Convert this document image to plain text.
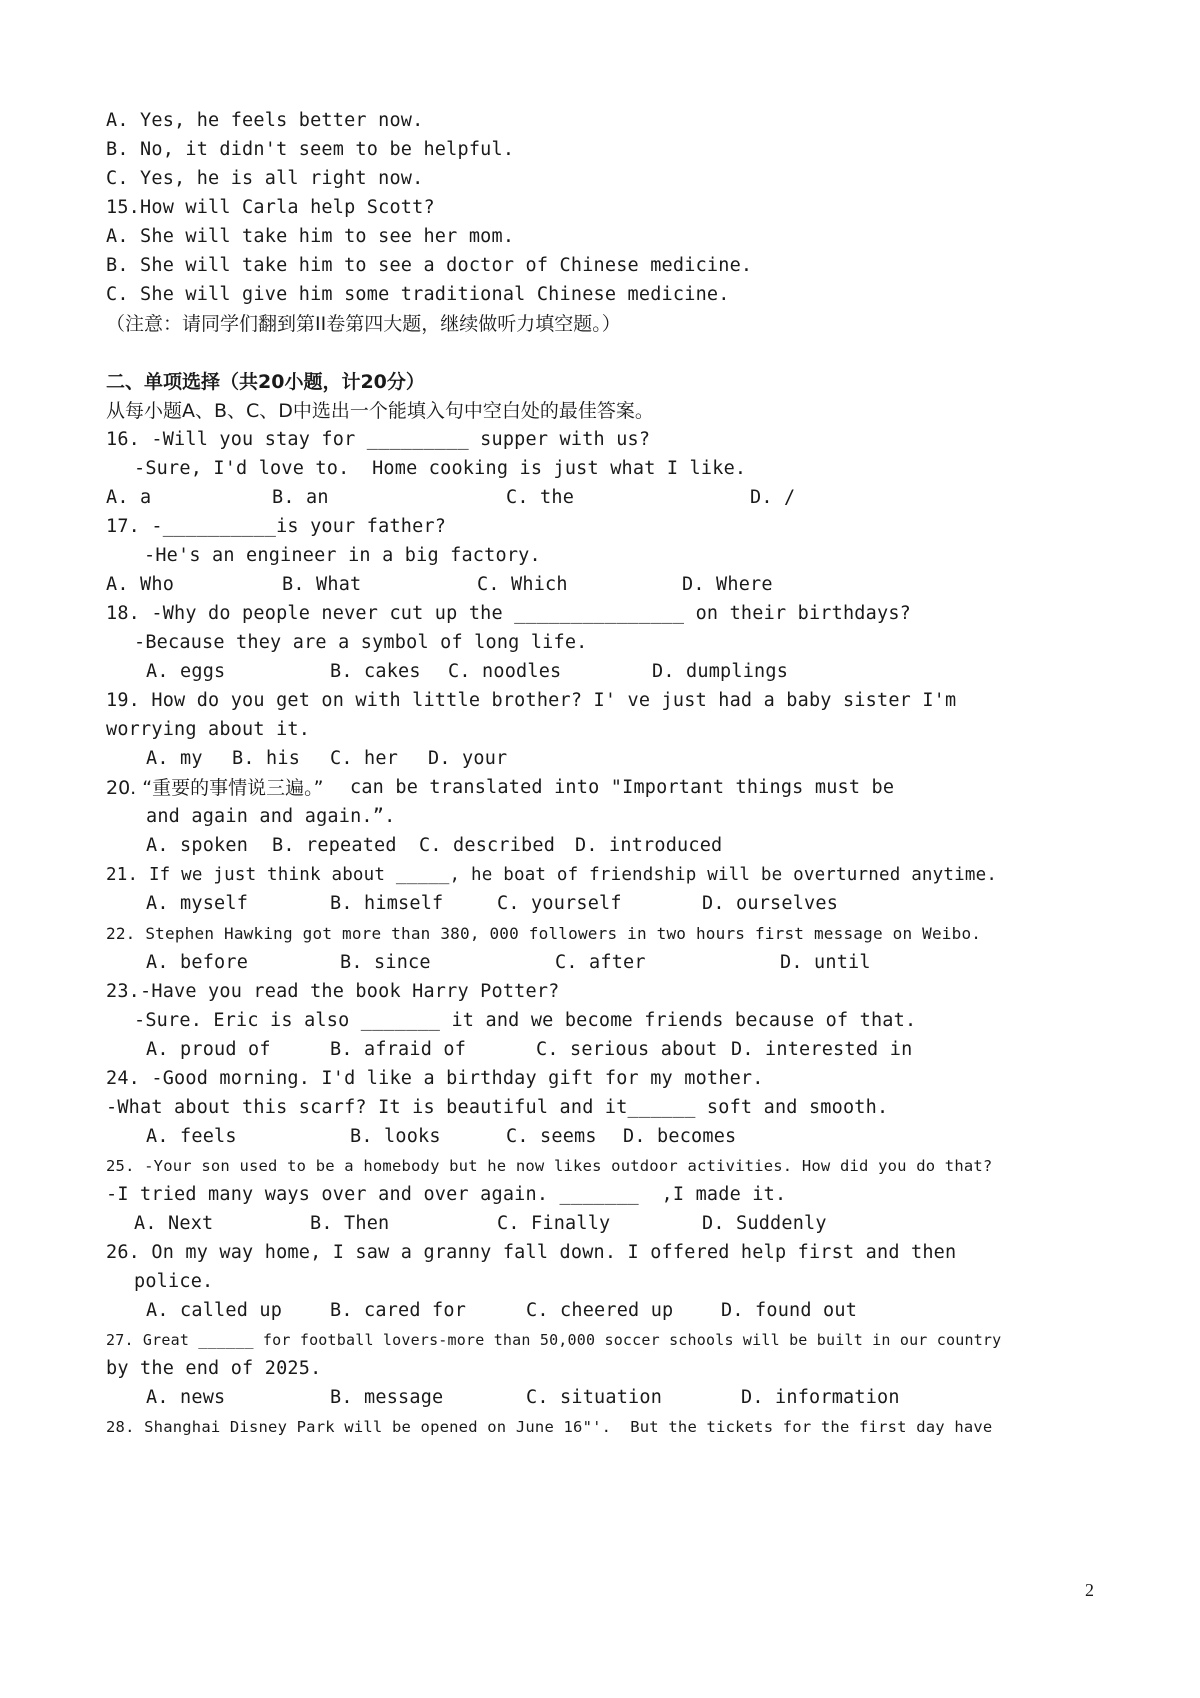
A. Yes, he feels better now.
B. No, it didn't seem to be helpful.
C. Yes, he is all right now.
15.How will Carla help Scott?
A. She will take him to see her mom.
B. She will take him to see a doctor of Chinese medicine.
C. She will give him some traditional Chinese medicine.
（注意：请同学们翻到第II卷第四大题，继续做听力填空题。）
二、单项选择（共20小题，计20分）
从每小题A、B、C、D中选出一个能填入句中空白处的最佳答案。
16. -Will you stay for _________ supper with us?
-Sure, I'd love to.  Home cooking is just what I like.
A. a	B. an	C. the	D. /
17. -__________is your father?
-He's an engineer in a big factory.
A. Who	B. What	C. Which	D. Where
18. -Why do people never cut up the _______________ on their birthdays?
-Because they are a symbol of long life.
A. eggs	B. cakes C. noodles	D. dumplings
19. How do you get on with little brother? I' ve just had a baby sister I'm
worrying about it.
A. my B. his C. her D. your
20. “重要的事情说三遍。” can be translated into "Important things must be
and again and again.”.
A. spoken B. repeated C. described D. introduced
21. If we just think about _____, he boat of friendship will be overturned anytime.
A. myself	B. himself	C. yourself	D. ourselves
22. Stephen Hawking got more than 380, 000 followers in two hours first message on Weibo.
A. before	B. since	C. after	D. until
23.-Have you read the book Harry Potter?
-Sure. Eric is also _______ it and we become friends because of that.
A. proud of	B. afraid of	C. serious about D. interested in
24. -Good morning. I'd like a birthday gift for my mother.
-What about this scarf? It is beautiful and it______ soft and smooth.
A. feels	B. looks	C. seems D. becomes
25. -Your son used to be a homebody but he now likes outdoor activities. How did you do that?
-I tried many ways over and over again. _______  ,I made it.
A. Next	B. Then	C. Finally	D. Suddenly
26. On my way home, I saw a granny fall down. I offered help first and then
police.
A. called up	B. cared for	C. cheered up	D. found out
27. Great ______ for football lovers-more than 50,000 soccer schools will be built in our country
by the end of 2025.
A. news	B. message	C. situation	D. information
28. Shanghai Disney Park will be opened on June 16"'.  But the tickets for the first day have
2
